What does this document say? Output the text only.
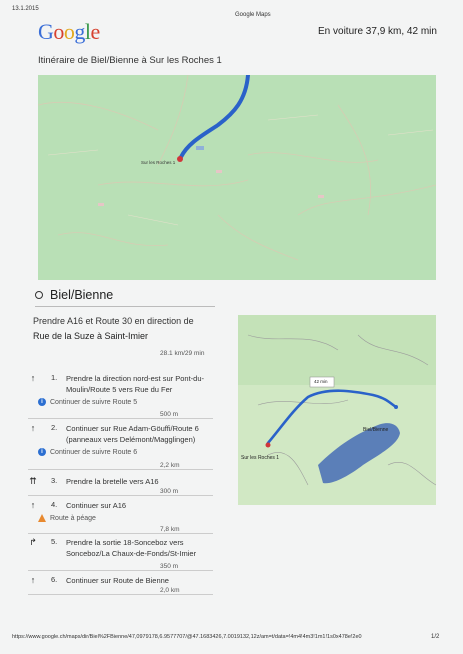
13.1.2015
Google Maps
Google	En voiture 37,9 km, 42 min
Itinéraire de Biel/Bienne à Sur les Roches 1
Sur les Roches 1
Biel/Bienne
Prendre A16 et Route 30 en direction de
Rue de la Suze à Saint-Imier
28.1 km/29 min
↑	1. Prendre la direction nord-est sur Pont-du-Moulin/Route 5 vers Rue du Fer
i	Continuer de suivre Route 5
500 m
↑	2. Continuer sur Rue Adam-Göuffi/Route 6 (panneaux vers Delémont/Magglingen)
i	Continuer de suivre Route 6
2,2 km
⇈ 3. Prendre la bretelle vers A16
300 m
↑	4. Continuer sur A16
Route à péage
7,8 km
↱ 5. Prendre la sortie 18-Sonceboz vers Sonceboz/La Chaux-de-Fonds/St-Imier
350 m
↑	6. Continuer sur Route de Bienne
2,0 km
42 min
Biel/Bienne
Sur les Roches 1
https://www.google.ch/maps/dir/Biel%2FBienne/47,0979178,6.9577707/@47.1683426,7.0019132,12z/am=t/data=!4m4!4m3!1m1!1s0x478e!2e0	1/2
